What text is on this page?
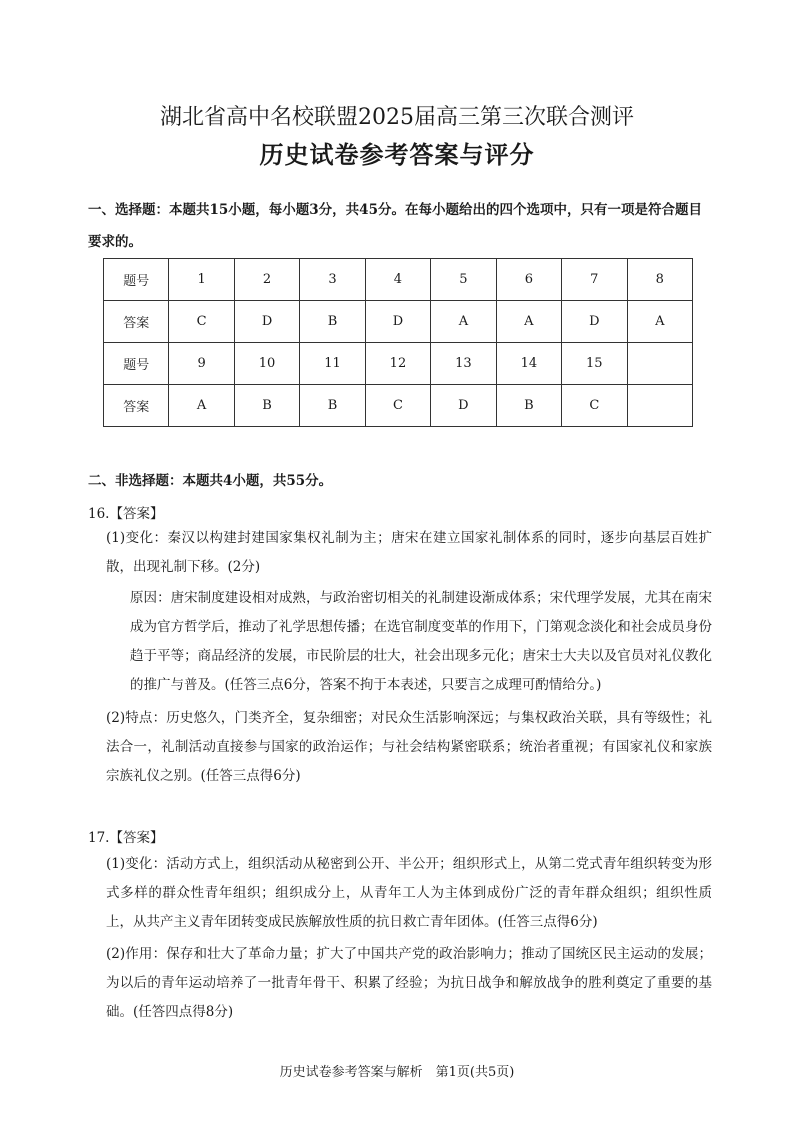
湖北省高中名校联盟2025届高三第三次联合测评
历史试卷参考答案与评分
一、选择题：本题共15小题，每小题3分，共45分。在每小题给出的四个选项中，只有一项是符合题目要求的。
题号	1	2	3	4	5	6	7	8
答案	C	D	B	D	A	A	D	A
题号	9	10	11	12	13	14	15	
答案	A	B	B	C	D	B	C	
二、非选择题：本题共4小题，共55分。
16.【答案】
(1)变化：秦汉以构建封建国家集权礼制为主；唐宋在建立国家礼制体系的同时，逐步向基层百姓扩散，出现礼制下移。(2分)
原因：唐宋制度建设相对成熟，与政治密切相关的礼制建设渐成体系；宋代理学发展，尤其在南宋成为官方哲学后，推动了礼学思想传播；在选官制度变革的作用下，门第观念淡化和社会成员身份趋于平等；商品经济的发展，市民阶层的壮大，社会出现多元化；唐宋士大夫以及官员对礼仪教化的推广与普及。(任答三点6分，答案不拘于本表述，只要言之成理可酌情给分。)
(2)特点：历史悠久，门类齐全，复杂细密；对民众生活影响深远；与集权政治关联，具有等级性；礼法合一，礼制活动直接参与国家的政治运作；与社会结构紧密联系；统治者重视；有国家礼仪和家族宗族礼仪之别。(任答三点得6分)
17.【答案】
(1)变化：活动方式上，组织活动从秘密到公开、半公开；组织形式上，从第二党式青年组织转变为形式多样的群众性青年组织；组织成分上，从青年工人为主体到成份广泛的青年群众组织；组织性质上，从共产主义青年团转变成民族解放性质的抗日救亡青年团体。(任答三点得6分)
(2)作用：保存和壮大了革命力量；扩大了中国共产党的政治影响力；推动了国统区民主运动的发展；为以后的青年运动培养了一批青年骨干、积累了经验；为抗日战争和解放战争的胜利奠定了重要的基础。(任答四点得8分)
历史试卷参考答案与解析　第1页(共5页)
